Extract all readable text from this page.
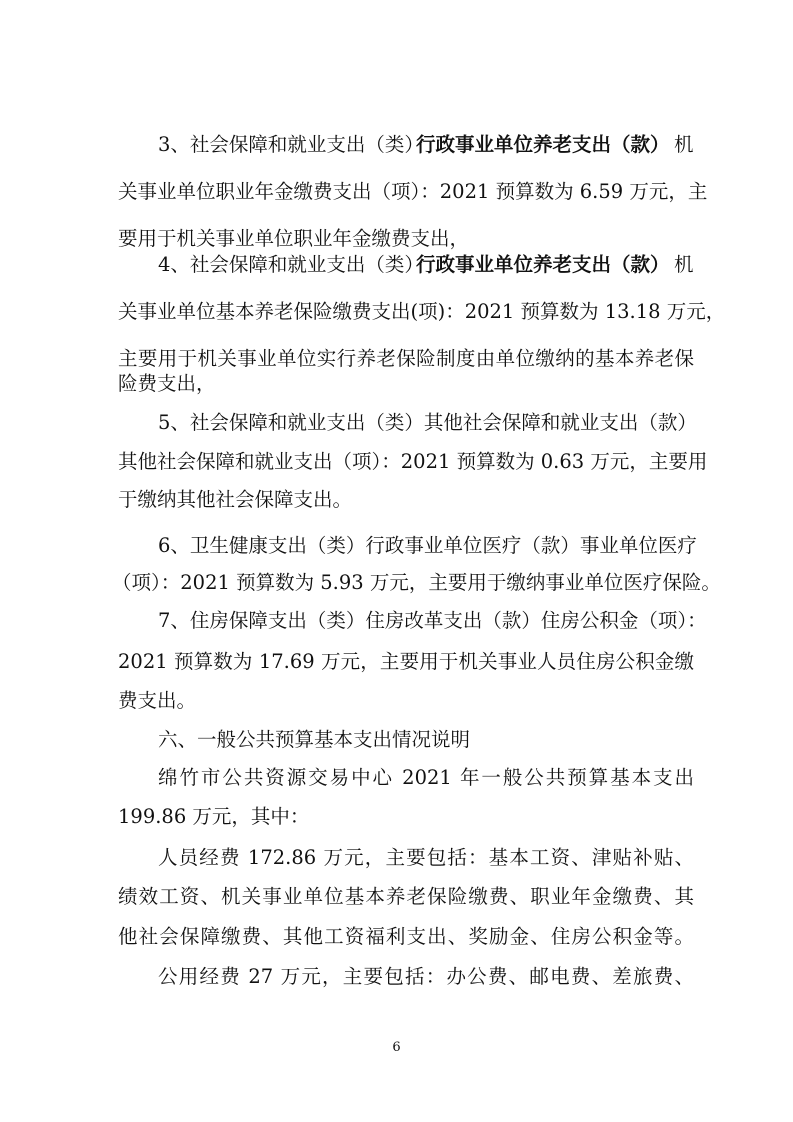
6
3、社会保障和就业支出（类）
行政事业单位养老支出（款） 机
关事业单位职业年金缴费支出（项）：2021 预算数为 6.59 万元，主
要用于机关事业单位职业年金缴费支出，
4、社会保障和就业支出（类）
行政事业单位养老支出（款） 机
关事业单位基本养老保险缴费支出(项)：2021 预算数为 13.18 万元，
主要用于机关事业单位实行养老保险制度由单位缴纳的基本养老保
险费支出，
5、社会保障和就业支出（类）其他社会保障和就业支出（款）
其他社会保障和就业支出（项）：2021 预算数为 0.63 万元，主要用
于缴纳其他社会保障支出。
6、卫生健康支出（类）行政事业单位医疗（款）事业单位医疗
（项）：2021 预算数为 5.93 万元，主要用于缴纳事业单位医疗保险。
7、住房保障支出（类）住房改革支出（款）住房公积金（项）：
2021 预算数为 17.69 万元，主要用于机关事业人员住房公积金缴
费支出。
六、一般公共预算基本支出情况说明
绵竹市公共资源交易中心 2021 年一般公共预算基本支出
199.86 万元，其中：
人员经费 172.86 万元，主要包括：基本工资、津贴补贴、
绩效工资、机关事业单位基本养老保险缴费、职业年金缴费、其
他社会保障缴费、其他工资福利支出、奖励金、住房公积金等。
公用经费 27 万元，主要包括：办公费、邮电费、差旅费、
